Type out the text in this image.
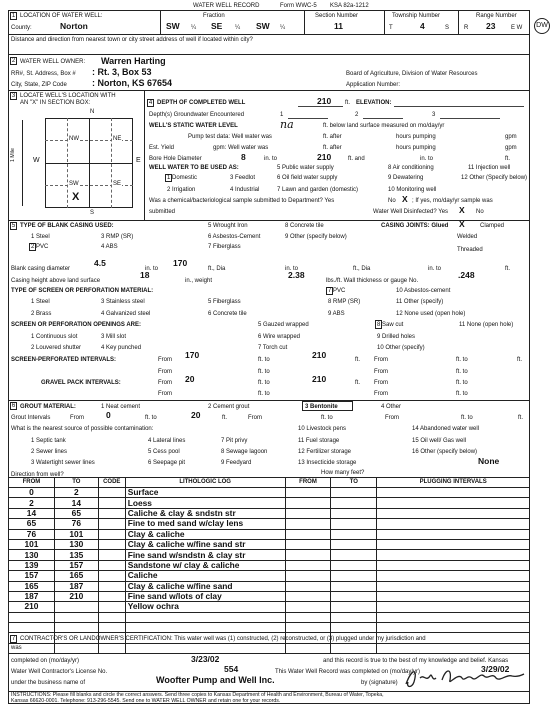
WATER WELL RECORD	Form WWC-5 KSA 82a-1212
DW
1 LOCATION OF WATER WELL:
County:	Norton
Fraction
SW ¼ SE ¼ SW ¼
Section Number
11
Township Number
T	4	S
Range Number
R 23	E W
Distance and direction from nearest town or city street address of well if located within city?
2 WATER WELL OWNER: Warren Harting
RR#, St. Address, Box # : Rt. 3, Box 53
City, State, ZIP Code	: Norton, KS 67654
Board of Agriculture, Division of Water Resources
Application Number:
3 LOCATE WELL'S LOCATION WITH
AN "X" IN SECTION BOX:
N
S
W	E
1 Mile
NW	NE
SW	SE
X
4 DEPTH OF COMPLETED WELL	210 ft. ELEVATION:
Depth(s) Groundwater Encountered	1	2	3
WELL'S STATIC WATER LEVEL	na	ft. below land surface measured on mo/day/yr
Pump test data: Well water was	ft. after	hours pumping	gpm
Est. Yield	gpm: Well water was	ft. after	hours pumping	gpm
Bore Hole Diameter	8	in. to	210	ft. and	in. to	ft.
WELL WATER TO BE USED AS:
1 Domestic	3 Feedlot
5 Public water supply	8 Air conditioning	11 Injection well
2 Irrigation	4 Industrial
6 Oil field water supply	9 Dewatering	12 Other (Specify below)
7 Lawn and garden (domestic)	10 Monitoring well
Was a chemical/bacteriological sample submitted to Department? Yes	No X ; If yes, mo/day/yr sample was
submitted	Water Well Disinfected? Yes X No
5 TYPE OF BLANK CASING USED:
1 Steel	3 RMP (SR)
5 Wrought Iron	8 Concrete tile
2 PVC	4 ABS
6 Asbestos-Cement	9 Other (specify below)
7 Fiberglass
CASING JOINTS: Glued X	Clamped
Welded
Threaded
Blank casing diameter
4.5
in. to
170
ft., Dia	in. to	ft., Dia	in. to	ft.
Casing height above land surface
18
in., weight
2.38
lbs./ft. Wall thickness or gauge No.
.248
TYPE OF SCREEN OR PERFORATION MATERIAL:
1 Steel	3 Stainless steel	5 Fiberglass
7 PVC	10 Asbestos-cement
2 Brass	4 Galvanized steel	6 Concrete tile
8 RMP (SR)	11 Other (specify)
9 ABS	12 None used (open hole)
SCREEN OR PERFORATION OPENINGS ARE:
1 Continuous slot	3 Mill slot
5 Gauzed wrapped	8 Saw cut	11 None (open hole)
2 Louvered shutter	4 Key punched
6 Wire wrapped	9 Drilled holes
7 Torch cut	10 Other (specify)
SCREEN-PERFORATED INTERVALS:	From 170	ft. to	210	ft. From	ft. to	ft.
From	ft. to	From	ft. to
GRAVEL PACK INTERVALS:	From 20	ft. to	210	ft. From	ft. to
From	ft. to	From	ft. to
6 GROUT MATERIAL:	1 Neat cement	2 Cement grout	3 Bentonite	4 Other
Grout Intervals	From	0	ft. to	20	ft.	From	ft. to	From	ft. to	ft.
What is the nearest source of possible contamination:
1 Septic tank	4 Lateral lines	7 Pit privy
10 Livestock pens	14 Abandoned water well
2 Sewer lines	5 Cess pool	8 Sewage lagoon
11 Fuel storage	15 Oil well/ Gas well
3 Watertight sewer lines	6 Seepage pit	9 Feedyard
12 Fertilizer storage	16 Other (specify below)
13 Insecticide storage	None
Direction from well?	How many feet?
FROM	TO	CODE	LITHOLOGIC LOG	FROM	TO	PLUGGING INTERVALS
0	2		Surface			
2	14		Loess			
14	65		Caliche & clay & sndstn str			
65	76		Fine to med sand w/clay lens			
76	101		Clay & caliche			
101	130		Clay & caliche w/fine sand str			
130	135		Fine sand w/sndstn & clay str			
139	157		Sandstone w/ clay & caliche			
157	165		Caliche			
165	187		Clay & caliche w/fine sand			
187	210		Fine sand w/lots of clay			
210			Yellow ochra			

7 CONTRACTOR'S OR LANDOWNER'S CERTIFICATION: This water well was (1) constructed, (2) reconstructed, or (3) plugged under my jurisdiction and
was
completed on (mo/day/yr)	3/23/02	and this record is true to the best of my knowledge and belief. Kansas
Water Well Contractor's License No.	554	This Water Well Record was completed on (mo/day/yr)	3/29/02
under the business name of	Woofter Pump and Well Inc.	by (signature)
INSTRUCTIONS: Please fill blanks and circle the correct answers. Send three copies to Kansas Department of Health and Environment, Bureau of Water, Topeka,
Kansas 66620-0001. Telephone: 913-296-5545. Send one to WATER WELL OWNER and retain one for your records.
